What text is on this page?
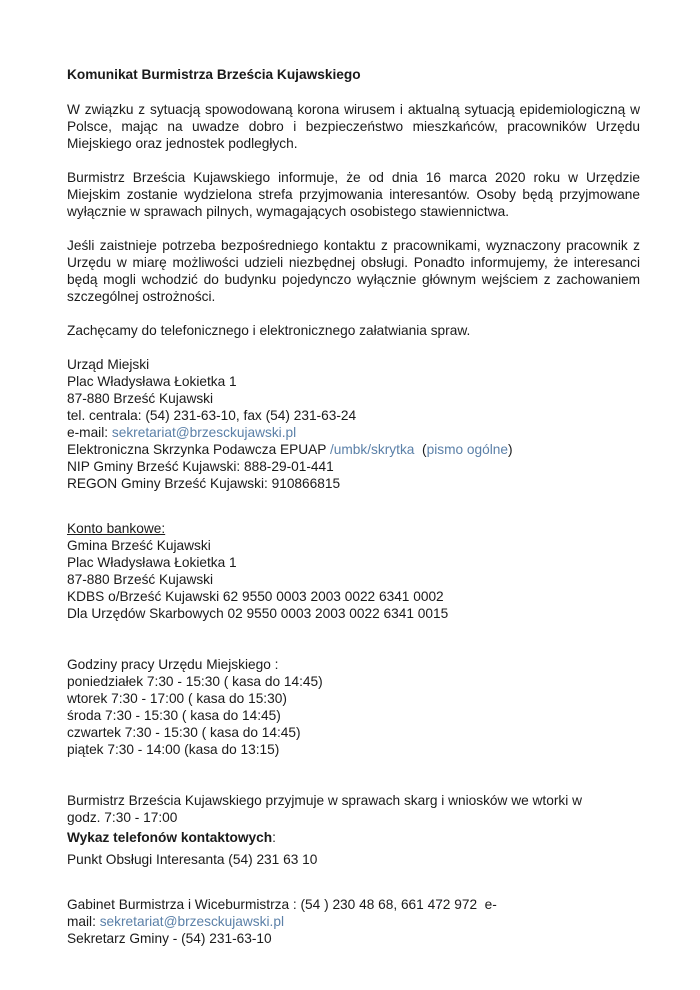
Komunikat Burmistrza Brześcia Kujawskiego
W związku z sytuacją spowodowaną korona wirusem i aktualną sytuacją epidemiologiczną w Polsce, mając na uwadze dobro i bezpieczeństwo mieszkańców, pracowników Urzędu Miejskiego oraz jednostek podległych.
Burmistrz Brześcia Kujawskiego informuje, że od dnia 16 marca 2020 roku w Urzędzie Miejskim zostanie wydzielona strefa przyjmowania interesantów. Osoby będą przyjmowane wyłącznie w sprawach pilnych, wymagających osobistego stawiennictwa.
Jeśli zaistnieje potrzeba bezpośredniego kontaktu z pracownikami, wyznaczony pracownik z Urzędu w miarę możliwości udzieli niezbędnej obsługi. Ponadto informujemy, że interesanci będą mogli wchodzić do budynku pojedynczo wyłącznie głównym wejściem z zachowaniem szczególnej ostrożności.
Zachęcamy do telefonicznego i elektronicznego załatwiania spraw.
Urząd Miejski
Plac Władysława Łokietka 1
87-880 Brześć Kujawski
tel. centrala: (54) 231-63-10, fax (54) 231-63-24
e-mail: sekretariat@brzesckujawski.pl
Elektroniczna Skrzynka Podawcza EPUAP /umbk/skrytka  (pismo ogólne)
NIP Gminy Brześć Kujawski: 888-29-01-441
REGON Gminy Brześć Kujawski: 910866815
Konto bankowe:
Gmina Brześć Kujawski
Plac Władysława Łokietka 1
87-880 Brześć Kujawski
KDBS o/Brześć Kujawski 62 9550 0003 2003 0022 6341 0002
Dla Urzędów Skarbowych 02 9550 0003 2003 0022 6341 0015
Godziny pracy Urzędu Miejskiego :
poniedziałek 7:30 - 15:30 ( kasa do 14:45)
wtorek 7:30 - 17:00 ( kasa do 15:30)
środa 7:30 - 15:30 ( kasa do 14:45)
czwartek 7:30 - 15:30 ( kasa do 14:45)
piątek 7:30 - 14:00 (kasa do 13:15)
Burmistrz Brześcia Kujawskiego przyjmuje w sprawach skarg i wniosków we wtorki w
godz. 7:30 - 17:00
Wykaz telefonów kontaktowych:
Punkt Obsługi Interesanta (54) 231 63 10
Gabinet Burmistrza i Wiceburmistrza : (54 ) 230 48 68, 661 472 972  e-
mail: sekretariat@brzesckujawski.pl
Sekretarz Gminy - (54) 231-63-10
